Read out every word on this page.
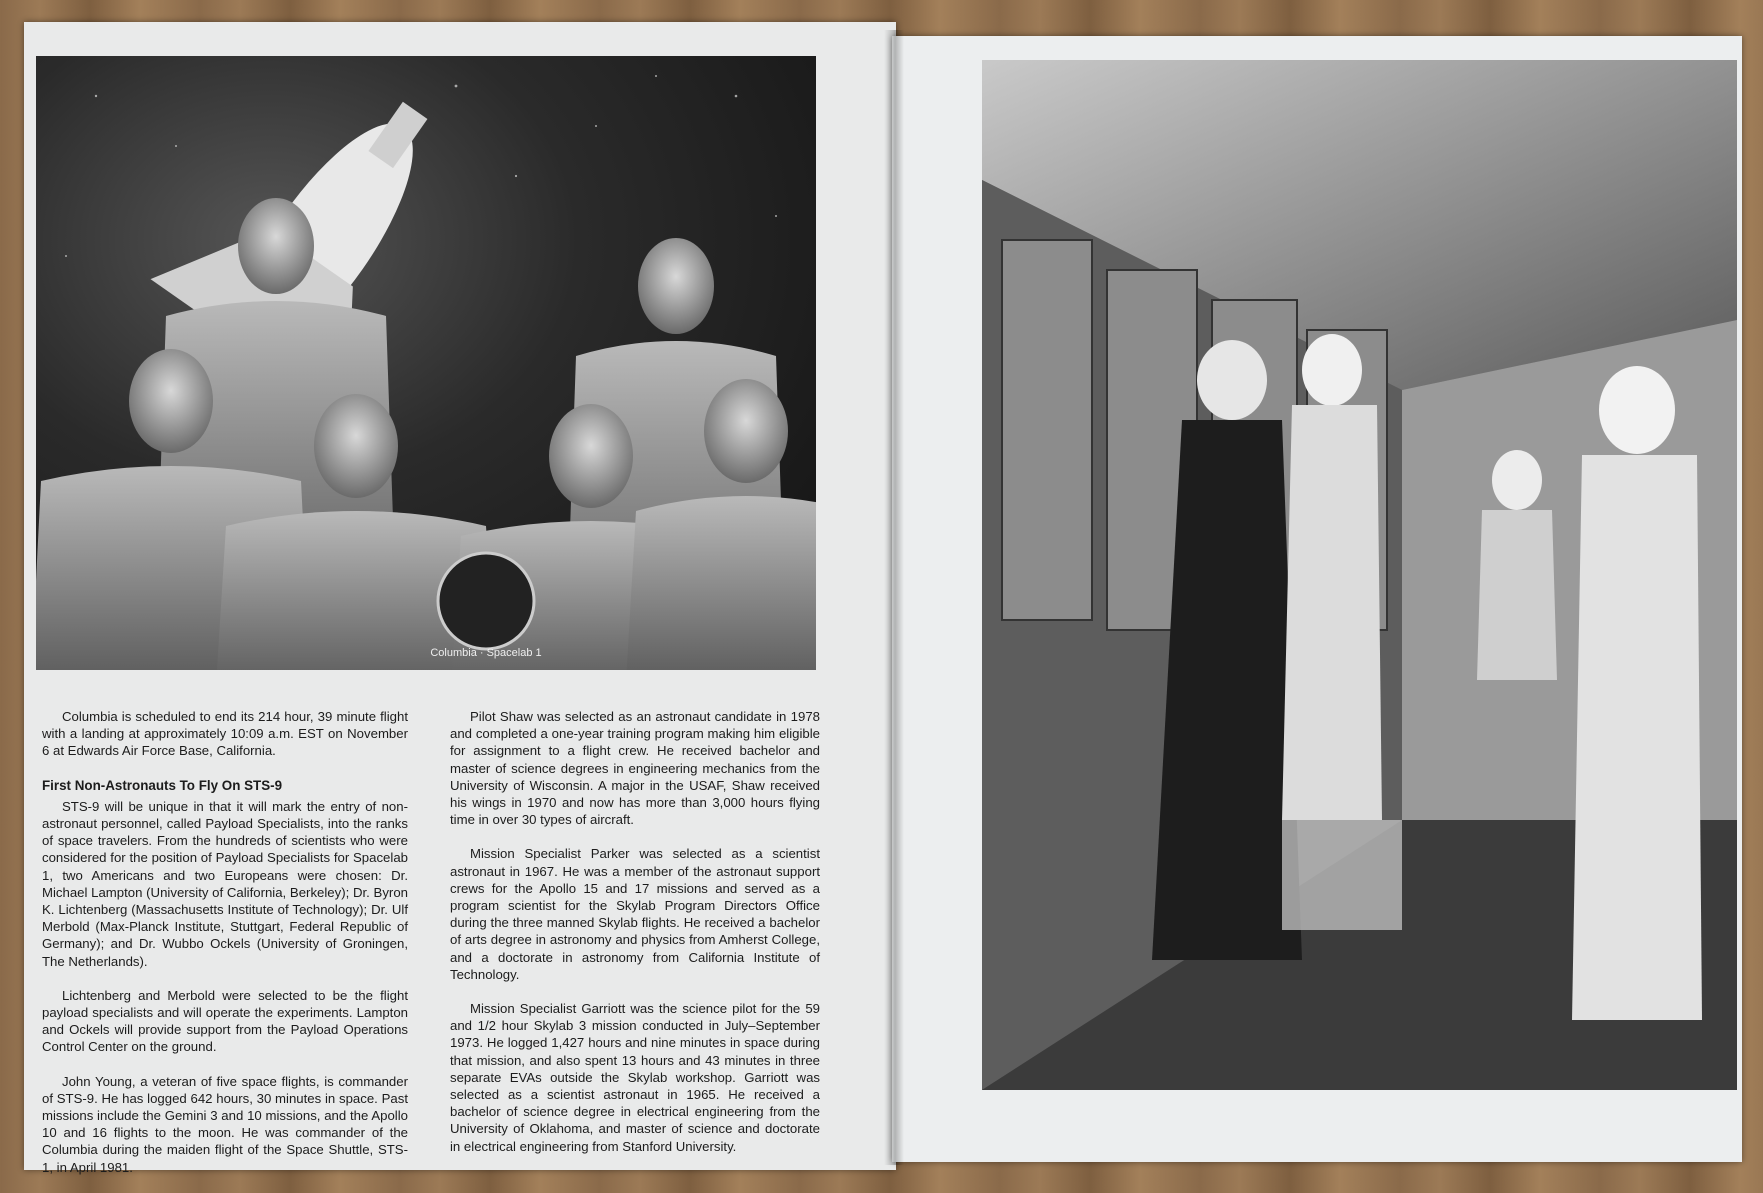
Columbia · Spacelab 1

Columbia is scheduled to end its 214 hour, 39 minute flight with a landing at approximately 10:09 a.m. EST on November 6 at Edwards Air Force Base, California.

First Non-Astronauts To Fly On STS-9

STS-9 will be unique in that it will mark the entry of non-astronaut personnel, called Payload Specialists, into the ranks of space travelers. From the hundreds of scientists who were considered for the position of Payload Specialists for Spacelab 1, two Americans and two Europeans were chosen: Dr. Michael Lampton (University of California, Berkeley); Dr. Byron K. Lichtenberg (Massachusetts Institute of Technology); Dr. Ulf Merbold (Max-Planck Institute, Stuttgart, Federal Republic of Germany); and Dr. Wubbo Ockels (University of Groningen, The Netherlands).

Lichtenberg and Merbold were selected to be the flight payload specialists and will operate the experiments. Lampton and Ockels will provide support from the Payload Operations Control Center on the ground.

John Young, a veteran of five space flights, is commander of STS-9. He has logged 642 hours, 30 minutes in space. Past missions include the Gemini 3 and 10 missions, and the Apollo 10 and 16 flights to the moon. He was commander of the Columbia during the maiden flight of the Space Shuttle, STS-1, in April 1981.

Pilot Shaw was selected as an astronaut candidate in 1978 and completed a one-year training program making him eligible for assignment to a flight crew. He received bachelor and master of science degrees in engineering mechanics from the University of Wisconsin. A major in the USAF, Shaw received his wings in 1970 and now has more than 3,000 hours flying time in over 30 types of aircraft.

Mission Specialist Parker was selected as a scientist astronaut in 1967. He was a member of the astronaut support crews for the Apollo 15 and 17 missions and served as a program scientist for the Skylab Program Directors Office during the three manned Skylab flights. He received a bachelor of arts degree in astronomy and physics from Amherst College, and a doctorate in astronomy from California Institute of Technology.

Mission Specialist Garriott was the science pilot for the 59 and 1/2 hour Skylab 3 mission conducted in July–September 1973. He logged 1,427 hours and nine minutes in space during that mission, and also spent 13 hours and 43 minutes in three separate EVAs outside the Skylab workshop. Garriott was selected as a scientist astronaut in 1965. He received a bachelor of science degree in electrical engineering from the University of Oklahoma, and master of science and doctorate in electrical engineering from Stanford University.
